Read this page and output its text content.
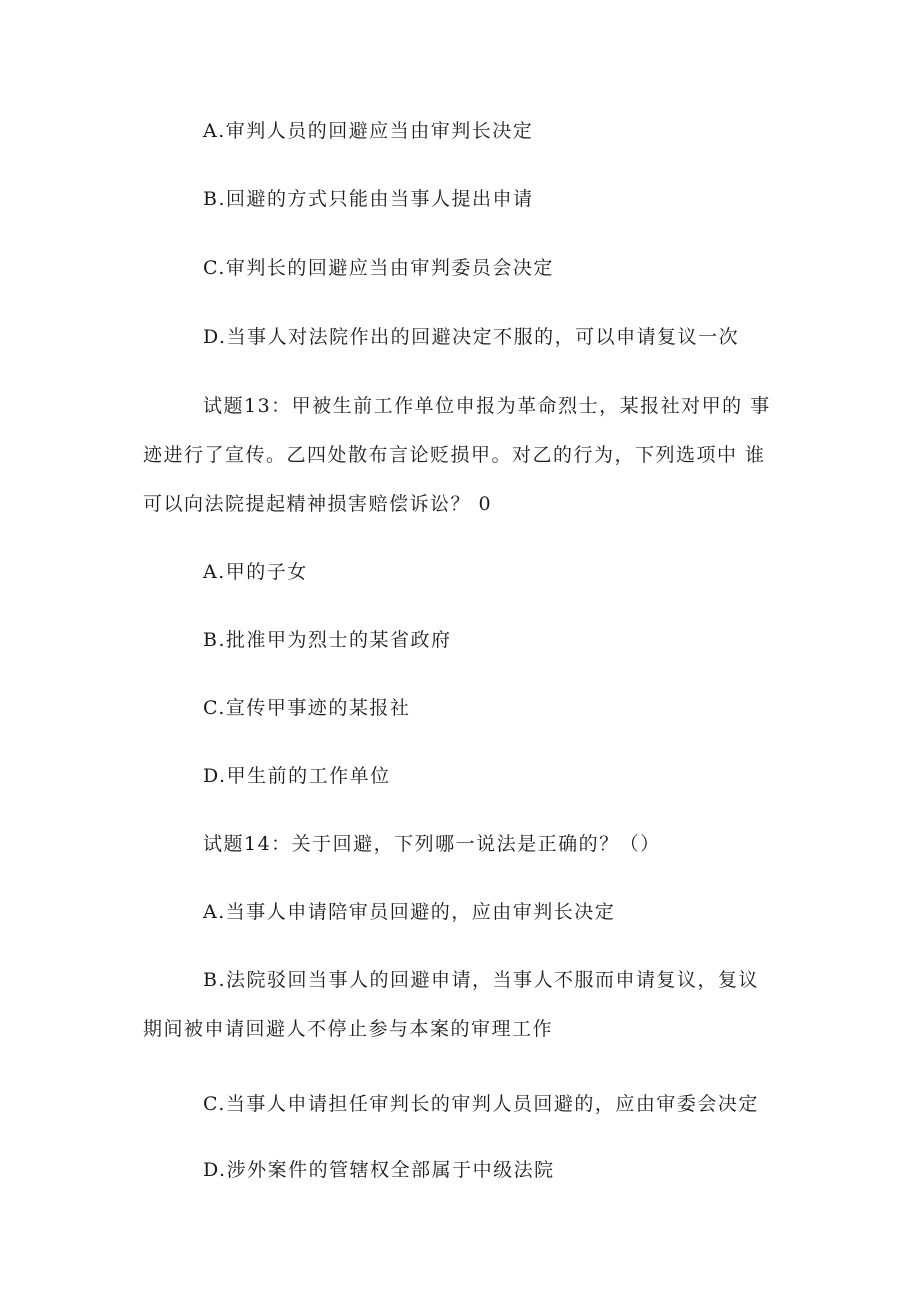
A.审判人员的回避应当由审判长决定
B.回避的方式只能由当事人提出申请
C.审判长的回避应当由审判委员会决定
D.当事人对法院作出的回避决定不服的，可以申请复议一次
试题13：甲被生前工作单位申报为革命烈士，某报社对甲的 事
迹进行了宣传。乙四处散布言论贬损甲。对乙的行为，下列选项中 谁
可以向法院提起精神损害赔偿诉讼？ 0
A.甲的子女
B.批准甲为烈士的某省政府
C.宣传甲事迹的某报社
D.甲生前的工作单位
试题14：关于回避，下列哪一说法是正确的？（）
A.当事人申请陪审员回避的，应由审判长决定
B.法院驳回当事人的回避申请，当事人不服而申请复议，复议
期间被申请回避人不停止参与本案的审理工作
C.当事人申请担任审判长的审判人员回避的，应由审委会决定
D.涉外案件的管辖权全部属于中级法院
